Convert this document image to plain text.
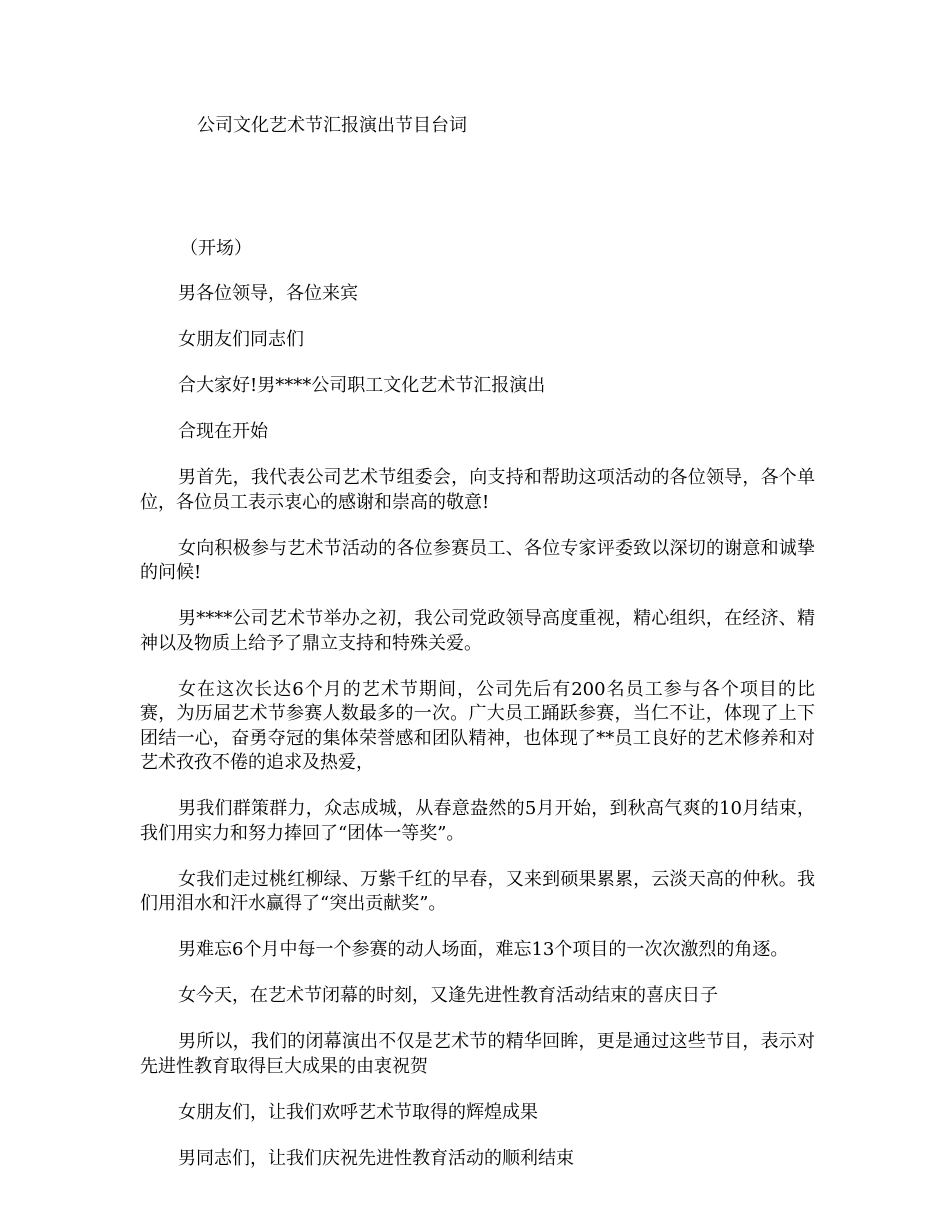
公司文化艺术节汇报演出节目台词
（开场）

男各位领导，各位来宾

女朋友们同志们

合大家好!男****公司职工文化艺术节汇报演出

合现在开始

男首先，我代表公司艺术节组委会，向支持和帮助这项活动的各位领导，各个单位，各位员工表示衷心的感谢和崇高的敬意!

女向积极参与艺术节活动的各位参赛员工、各位专家评委致以深切的谢意和诚挚的问候!

男****公司艺术节举办之初，我公司党政领导高度重视，精心组织，在经济、精神以及物质上给予了鼎立支持和特殊关爱。

女在这次长达6个月的艺术节期间，公司先后有200名员工参与各个项目的比赛，为历届艺术节参赛人数最多的一次。广大员工踊跃参赛，当仁不让，体现了上下团结一心，奋勇夺冠的集体荣誉感和团队精神，也体现了**员工良好的艺术修养和对艺术孜孜不倦的追求及热爱，

男我们群策群力，众志成城，从春意盎然的5月开始，到秋高气爽的10月结束，我们用实力和努力捧回了“团体一等奖”。

女我们走过桃红柳绿、万紫千红的早春，又来到硕果累累，云淡天高的仲秋。我们用泪水和汗水赢得了“突出贡献奖”。

男难忘6个月中每一个参赛的动人场面，难忘13个项目的一次次激烈的角逐。

女今天，在艺术节闭幕的时刻，又逢先进性教育活动结束的喜庆日子

男所以，我们的闭幕演出不仅是艺术节的精华回眸，更是通过这些节目，表示对先进性教育取得巨大成果的由衷祝贺

女朋友们，让我们欢呼艺术节取得的辉煌成果

男同志们，让我们庆祝先进性教育活动的顺利结束
